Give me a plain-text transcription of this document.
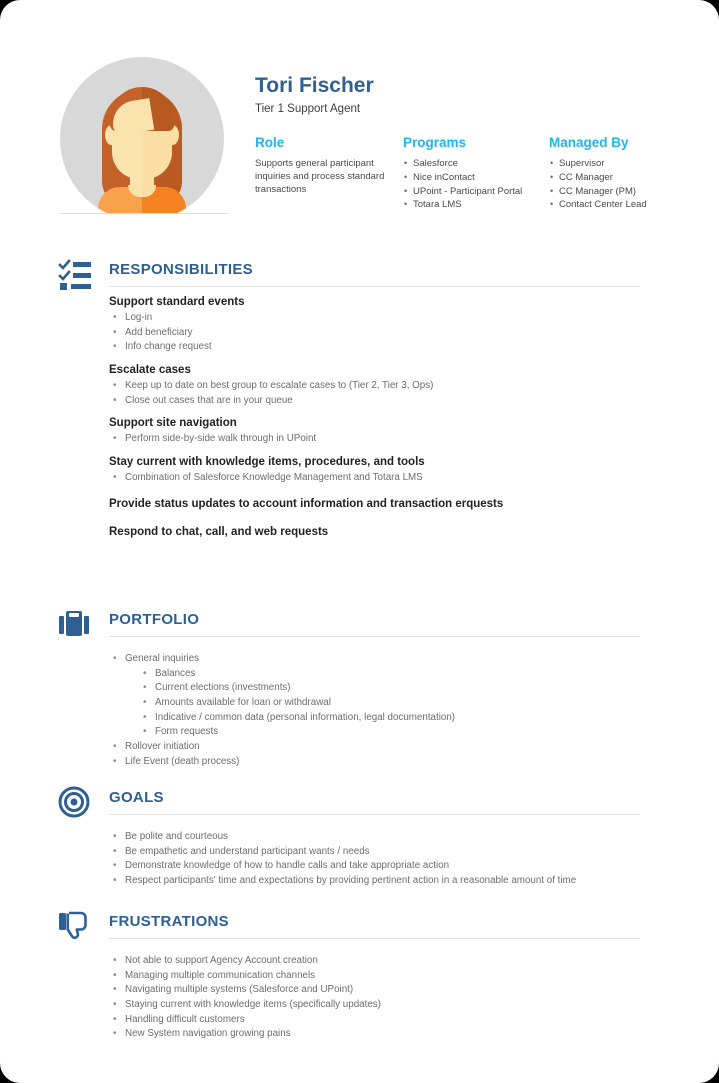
Tori Fischer
Tier 1 Support Agent
Role
Supports general participant inquiries and process standard transactions
Programs
• Salesforce
• Nice inContact
• UPoint - Participant Portal
• Totara LMS
Managed By
• Supervisor
• CC Manager
• CC Manager (PM)
• Contact Center Lead
RESPONSIBILITIES
Support standard events
• Log-in
• Add beneficiary
• Info change request
Escalate cases
• Keep up to date on best group to escalate cases to (Tier 2, Tier 3, Ops)
• Close out cases that are in your queue
Support site navigation
• Perform side-by-side walk through in UPoint
Stay current with knowledge items, procedures, and tools
• Combination of Salesforce Knowledge Management and Totara LMS
Provide status updates to account information and transaction erquests
Respond to chat, call, and web requests
PORTFOLIO
• General inquiries
• Balances
• Current elections (investments)
• Amounts available for loan or withdrawal
• Indicative / common data (personal information, legal documentation)
• Form requests
• Rollover initiation
• Life Event (death process)
GOALS
• Be polite and courteous
• Be empathetic and understand participant wants / needs
• Demonstrate knowledge of how to handle calls and take appropriate action
• Respect participants' time and expectations by providing pertinent action in a reasonable amount of time
FRUSTRATIONS
• Not able to support Agency Account creation
• Managing multiple communication channels
• Navigating multiple systems (Salesforce and UPoint)
• Staying current with knowledge items (specifically updates)
• Handling difficult customers
• New System navigation growing pains
